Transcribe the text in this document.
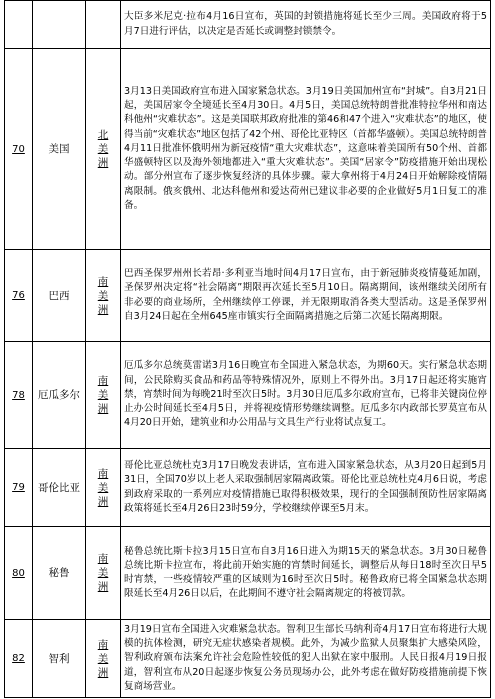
			大臣多米尼克·拉布4月16日宣布，英国的封锁措施将延长至少三周。美国政府将于5月7日进行评估，以决定是否延长或调整封锁禁令。
70	美国	北美洲	3月13日美国政府宣布进入国家紧急状态。3月19日美国加州宣布“封城”。自3月21日起，美国居家令全境延长至4月30日。4月5日，美国总统特朗普批准特拉华州和南达科他州“灾难状态”。这是美国联邦政府批准的第46和47个进入“灾难状态”的地区，使得当前“灾难状态”地区包括了42个州、哥伦比亚特区（首都华盛顿）。美国总统特朗普4月11日批准怀俄明州为新冠疫情“重大灾难状态”，这意味着美国所有50个州、首都华盛顿特区以及海外领地都进入“重大灾难状态”。美国“居家令”防疫措施开始出现松动。部分州宣布了逐步恢复经济的具体步骤。蒙大拿州将于4月24日开始解除疫情隔离限制。俄亥俄州、北达科他州和爱达荷州已建议非必要的企业做好5月1日复工的准备。
76	巴西	南美洲	巴西圣保罗州州长若昂·多利亚当地时间4月17日宣布，由于新冠肺炎疫情蔓延加剧，圣保罗州决定将“社会隔离”期限再次延长至5月10日。隔离期间，该州继续关闭所有非必要的商业场所，全州继续停工停课，并无限期取消各类大型活动。这是圣保罗州自3月24日起在全州645座市镇实行全面隔离措施之后第二次延长隔离期限。
78	厄瓜多尔	南美洲	厄瓜多尔总统莫雷诺3月16日晚宣布全国进入紧急状态，为期60天。实行紧急状态期间，公民除购买食品和药品等特殊情况外，原则上不得外出。3月17日起还将实施宵禁，宵禁时间为每晚21时至次日5时。3月30日厄瓜多尔政府宣布，已将非关键岗位停止办公时间延长至4月5日，并将视疫情形势继续调整。厄瓜多尔内政部长罗莫宣布从4月20日开始，建筑业和办公用品与文具生产行业将试点复工。
79	哥伦比亚	南美洲	哥伦比亚总统杜克3月17日晚发表讲话，宣布进入国家紧急状态，从3月20日起到5月31日，全国70岁以上老人采取强制居家隔离政策。哥伦比亚总统杜克4月6日说，考虑到政府采取的一系列应对疫情措施已取得积极效果，现行的全国强制预防性居家隔离政策将延长至4月26日23时59分，学校继续停课至5月末。
80	秘鲁	南美洲	秘鲁总统比斯卡拉3月15日宣布自3月16日进入为期15天的紧急状态。3月30日秘鲁总统比斯卡拉宣布，将此前开始实施的宵禁时间延长，调整后从每日18时至次日早5时宵禁，一些疫情较严重的区域则为16时至次日5时。秘鲁政府已将全国紧急状态期限延长至4月26日以后，在此期间不遵守社会隔离规定的将被罚款。
82	智利	南美洲	3月19日宣布全国进入灾难紧急状态。智利卫生部长马纳利奇4月17日宣布将进行大规模的抗体检测，研究无症状感染者规模。此外，为减少监狱人员聚集扩大感染风险，智利政府颁布法案允许社会危险性较低的犯人出狱在家中服刑。人民日报4月19日报道，智利宣布从20日起逐步恢复公务员现场办公，此外考虑在做好防疫措施前提下恢复商场营业。
